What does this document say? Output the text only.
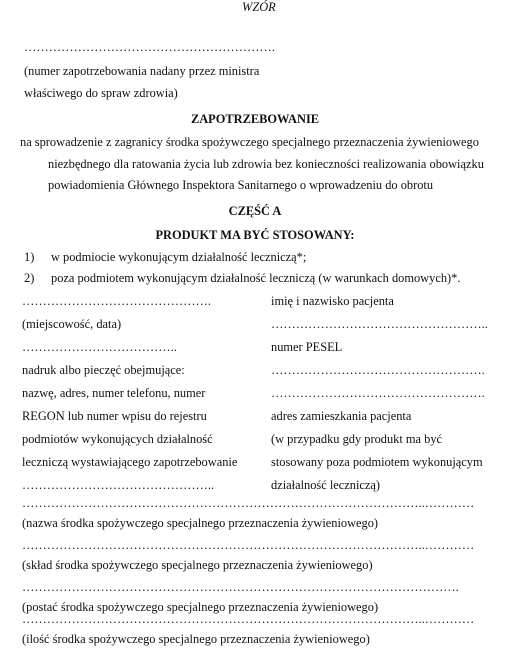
WZÓR
…………………………………………………….
(numer zapotrzebowania nadany przez ministra
właściwego do spraw zdrowia)
ZAPOTRZEBOWANIE
na sprowadzenie z zagranicy środka spożywczego specjalnego przeznaczenia żywieniowego
niezbędnego dla ratowania życia lub zdrowia bez konieczności realizowania obowiązku
powiadomienia Głównego Inspektora Sanitarnego o wprowadzeniu do obrotu
CZĘŚĆ A
PRODUKT MA BYĆ STOSOWANY:
1) w podmiocie wykonującym działalność leczniczą*;
2) poza podmiotem wykonującym działalność leczniczą (w warunkach domowych)*.
……………………………………….
(miejscowość, data)
………………………………..
nadruk albo pieczęć obejmujące:
nazwę, adres, numer telefonu, numer
REGON lub numer wpisu do rejestru
podmiotów wykonujących działalność
leczniczą wystawiającego zapotrzebowanie
………………………………………..
imię i nazwisko pacjenta
……………………………………………..
numer PESEL
…………………………………………….
…………………………………………….
adres zamieszkania pacjenta
(w przypadku gdy produkt ma być
stosowany poza podmiotem wykonującym
działalność leczniczą)
……………………………………………………………………………………..…………
(nazwa środka spożywczego specjalnego przeznaczenia żywieniowego)
……………………………………………………………………………………..…………
(skład środka spożywczego specjalnego przeznaczenia żywieniowego)
…………………………………………………………………………………………….
(postać środka spożywczego specjalnego przeznaczenia żywieniowego)
……………………………………………………………………………………..…………
(ilość środka spożywczego specjalnego przeznaczenia żywieniowego)
